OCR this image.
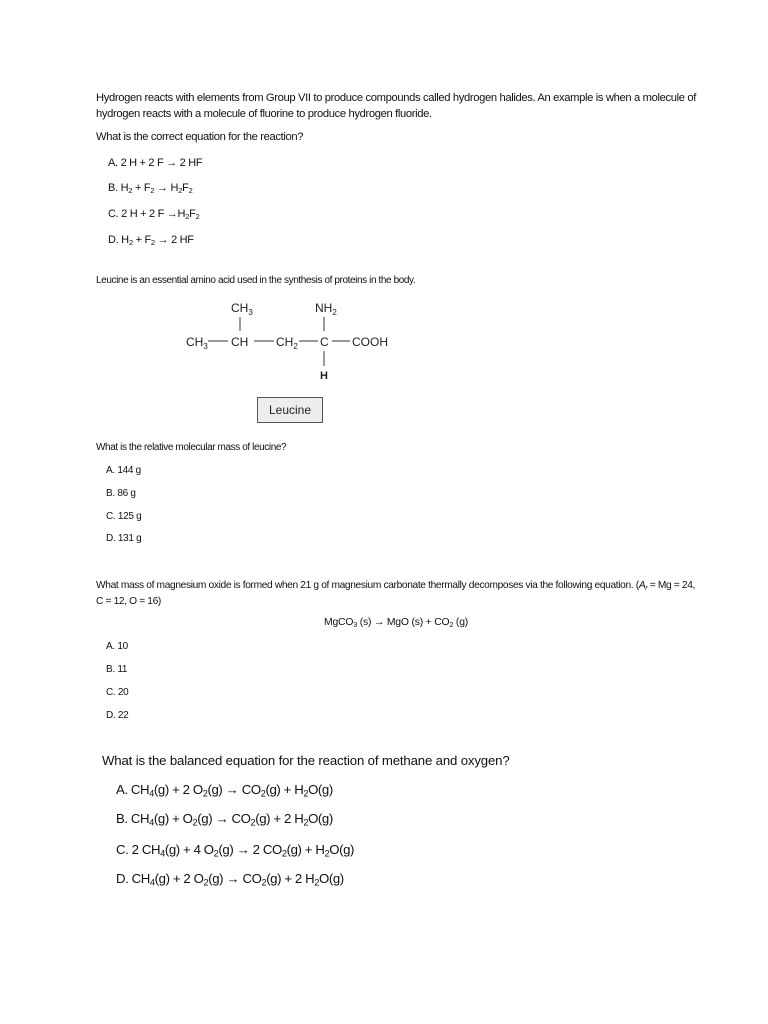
Hydrogen reacts with elements from Group VII to produce compounds called hydrogen halides. An example is when a molecule of hydrogen reacts with a molecule of fluorine to produce hydrogen fluoride.
What is the correct equation for the reaction?
A. 2 H + 2 F → 2 HF
B. $H_2 + F_2 \to H_2F_2$
C. 2 H + 2 $F \to H_2F_2$
D. $H_2 + F_2 \to 2$ HF
Leucine is an essential amino acid used in the synthesis of proteins in the body.
$CH_3$	$NH_2$
$CH_3$ CH $CH_2$ C COOH
H
Leucine
What is the relative molecular mass of leucine?
A. 144 g
B. 86 g
C. 125 g
D. 131 g
What mass of magnesium oxide is formed when 21 g of magnesium carbonate thermally decomposes via the following equation. ($A_r = Mg = 24$, C = 12, O = 16)
MgCO$_3$ (s) → MgO $(s) + CO_2$ (g)
A. 10
B. 11
C. 20
D. 22
What is the balanced equation for the reaction of methane and oxygen?
A. $CH_4(g) + 2$ $O_2(g) \to CO_2(g) + H_2O(g)$
B. $CH_4(g) + O_2(g) \to CO_2(g) + 2$ $H_2O(g)$
C. 2 $CH_4(g) + 4$ $O_2(g) \to 2$ $CO_2(g) + H_2O(g)$
D. $CH_4(g) + 2$ $O_2(g) \to CO_2(g) + 2$ $H_2O(g)$
